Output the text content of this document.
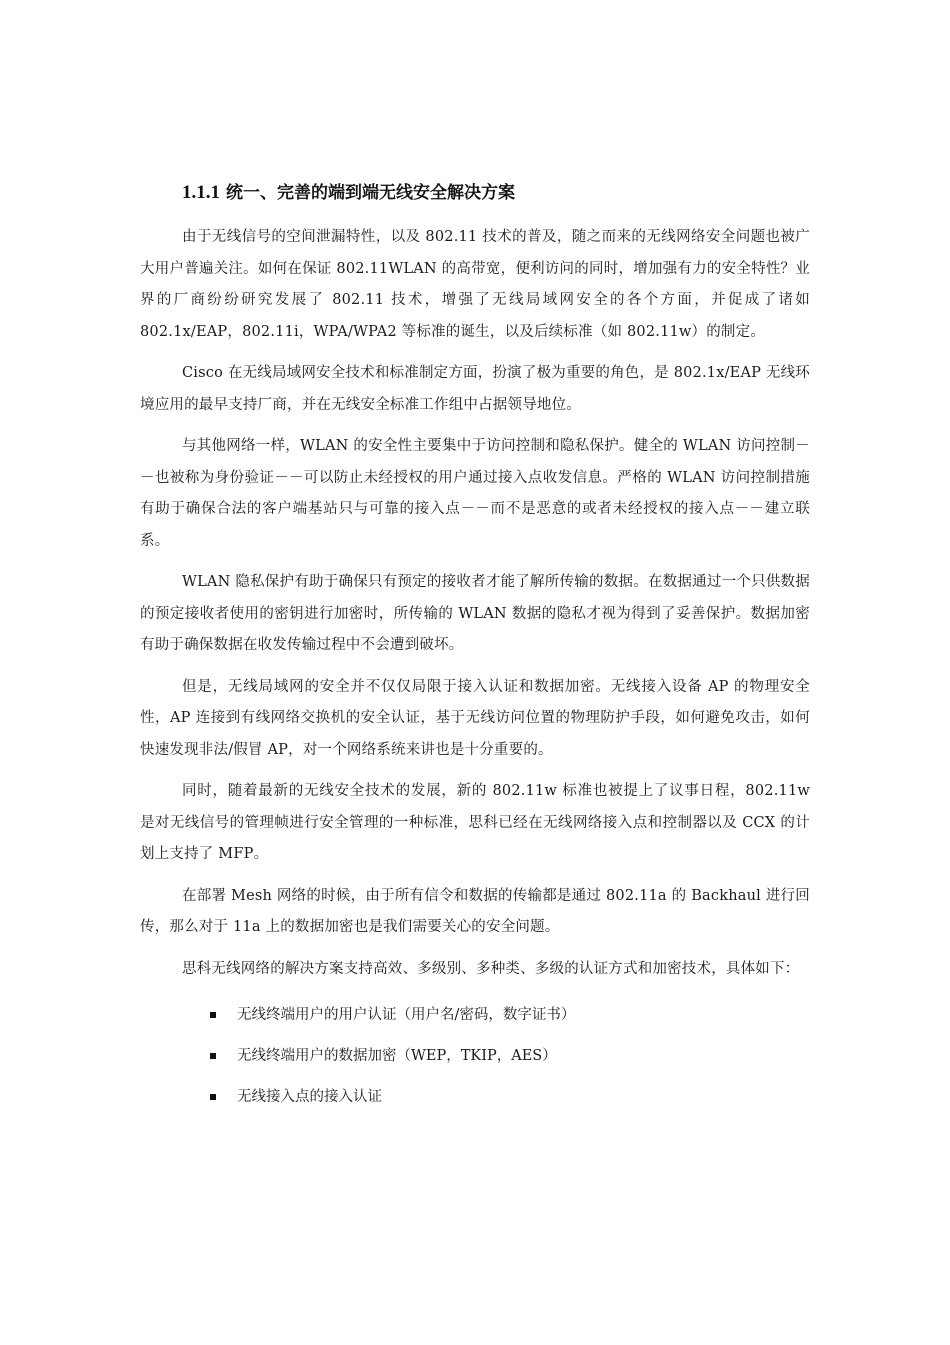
1.1.1 统一、完善的端到端无线安全解决方案

由于无线信号的空间泄漏特性，以及 802.11 技术的普及，随之而来的无线网络安全问题也被广大用户普遍关注。如何在保证 802.11WLAN 的高带宽，便利访问的同时，增加强有力的安全特性？业界的厂商纷纷研究发展了 802.11 技术，增强了无线局域网安全的各个方面，并促成了诸如 802.1x/EAP，802.11i，WPA/WPA2 等标准的诞生，以及后续标准（如 802.11w）的制定。

Cisco 在无线局域网安全技术和标准制定方面，扮演了极为重要的角色，是 802.1x/EAP 无线环境应用的最早支持厂商，并在无线安全标准工作组中占据领导地位。

与其他网络一样，WLAN 的安全性主要集中于访问控制和隐私保护。健全的 WLAN 访问控制－－也被称为身份验证－－可以防止未经授权的用户通过接入点收发信息。严格的 WLAN 访问控制措施有助于确保合法的客户端基站只与可靠的接入点－－而不是恶意的或者未经授权的接入点－－建立联系。

WLAN 隐私保护有助于确保只有预定的接收者才能了解所传输的数据。在数据通过一个只供数据的预定接收者使用的密钥进行加密时，所传输的 WLAN 数据的隐私才视为得到了妥善保护。数据加密有助于确保数据在收发传输过程中不会遭到破坏。

但是，无线局域网的安全并不仅仅局限于接入认证和数据加密。无线接入设备 AP 的物理安全性，AP 连接到有线网络交换机的安全认证，基于无线访问位置的物理防护手段，如何避免攻击，如何快速发现非法/假冒 AP，对一个网络系统来讲也是十分重要的。

同时，随着最新的无线安全技术的发展，新的 802.11w 标准也被提上了议事日程，802.11w 是对无线信号的管理帧进行安全管理的一种标准，思科已经在无线网络接入点和控制器以及 CCX 的计划上支持了 MFP。

在部署 Mesh 网络的时候，由于所有信令和数据的传输都是通过 802.11a 的 Backhaul 进行回传，那么对于 11a 上的数据加密也是我们需要关心的安全问题。

思科无线网络的解决方案支持高效、多级别、多种类、多级的认证方式和加密技术，具体如下：

无线终端用户的用户认证（用户名/密码，数字证书）
无线终端用户的数据加密（WEP，TKIP，AES）
无线接入点的接入认证
